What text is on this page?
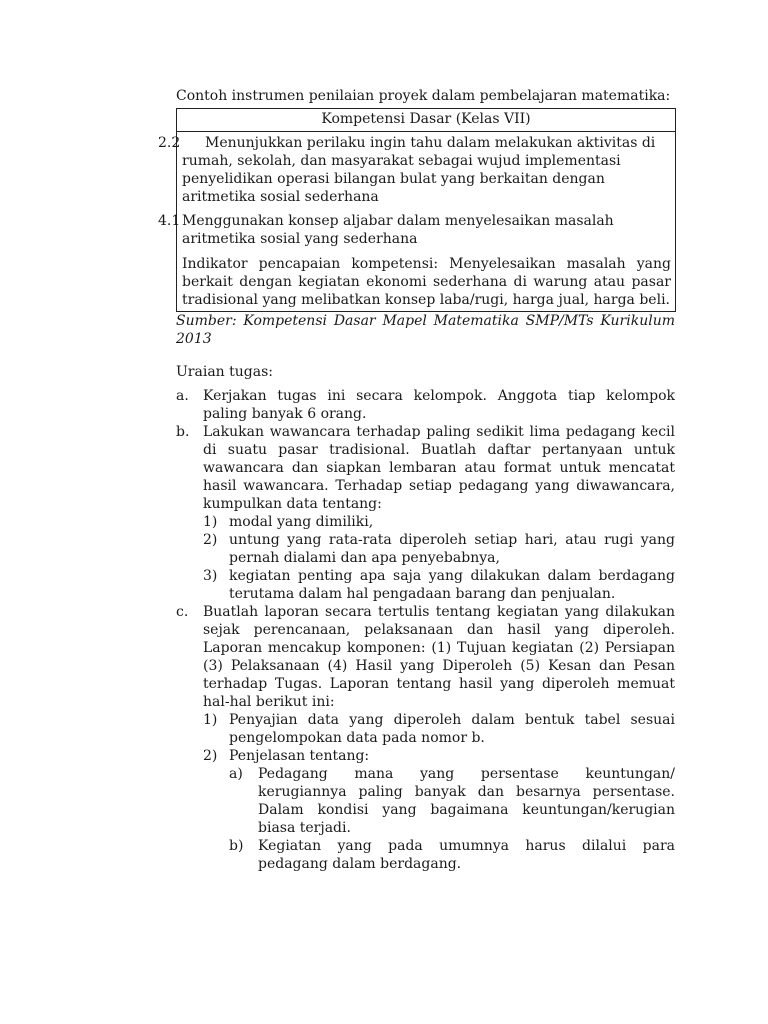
Contoh instrumen penilaian proyek dalam pembelajaran matematika:

Kompetensi Dasar (Kelas VII)

2.2 Menunjukkan perilaku ingin tahu dalam melakukan aktivitas di rumah, sekolah, dan masyarakat sebagai wujud implementasi penyelidikan operasi bilangan bulat yang berkaitan dengan aritmetika sosial sederhana
4.1 Menggunakan konsep aljabar dalam menyelesaikan masalah aritmetika sosial yang sederhana
Indikator pencapaian kompetensi: Menyelesaikan masalah yang berkait dengan kegiatan ekonomi sederhana di warung atau pasar tradisional yang melibatkan konsep laba/rugi, harga jual, harga beli.

Sumber: Kompetensi Dasar Mapel Matematika SMP/MTs Kurikulum 2013

Uraian tugas:

a.	Kerjakan tugas ini secara kelompok. Anggota tiap kelompok paling banyak 6 orang.
b. Lakukan wawancara terhadap paling sedikit lima pedagang kecil di suatu pasar tradisional. Buatlah daftar pertanyaan untuk wawancara dan siapkan lembaran atau format untuk mencatat hasil wawancara. Terhadap setiap pedagang yang diwawancara, kumpulkan data tentang:
1) modal yang dimiliki,
2) untung yang rata-rata diperoleh setiap hari, atau rugi yang pernah dialami dan apa penyebabnya,
3) kegiatan penting apa saja yang dilakukan dalam berdagang terutama dalam hal pengadaan barang dan penjualan.
c.	Buatlah laporan secara tertulis tentang kegiatan yang dilakukan sejak perencanaan, pelaksanaan dan hasil yang diperoleh. Laporan mencakup komponen: (1) Tujuan kegiatan (2) Persiapan (3) Pelaksanaan (4) Hasil yang Diperoleh (5) Kesan dan Pesan terhadap Tugas. Laporan tentang hasil yang diperoleh memuat hal-hal berikut ini:
1) Penyajian data yang diperoleh dalam bentuk tabel sesuai pengelompokan data pada nomor b.
2) Penjelasan tentang:
a)	Pedagang mana yang persentase keuntungan/ kerugiannya paling banyak dan besarnya persentase. Dalam kondisi yang bagaimana keuntungan/kerugian biasa terjadi.
b)	Kegiatan yang pada umumnya harus dilalui para pedagang dalam berdagang.
